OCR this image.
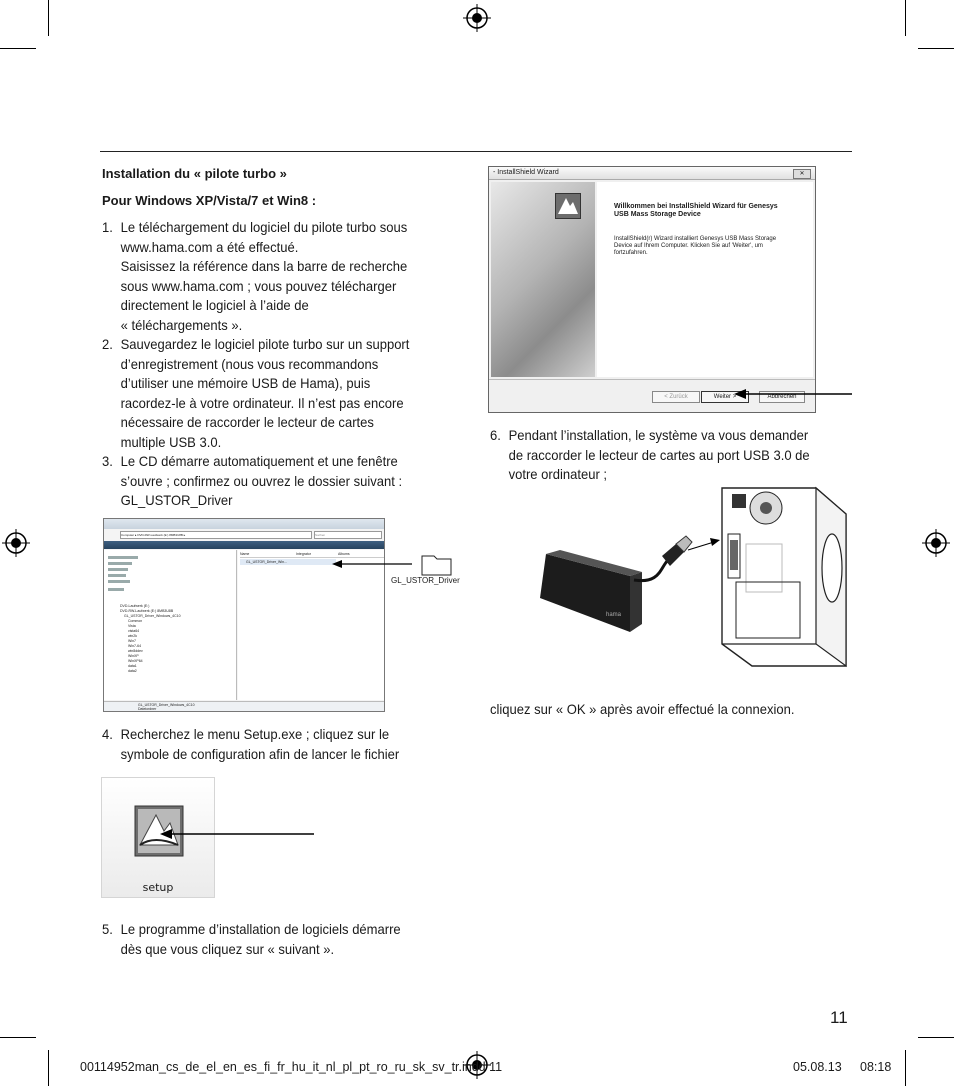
Installation du « pilote turbo »
Pour Windows XP/Vista/7 et Win8 :
1. Le téléchargement du logiciel du pilote turbo sous
www.hama.com a été effectué.
Saisissez la référence dans la barre de recherche
sous www.hama.com ; vous pouvez télécharger
directement le logiciel à l’aide de
« téléchargements ».
2. Sauvegardez le logiciel pilote turbo sur un support
d’enregistrement (nous vous recommandons
d’utiliser une mémoire USB de Hama), puis
racordez-le à votre ordinateur. Il n’est pas encore
nécessaire de raccorder le lecteur de cartes
multiple USB 3.0.
3. Le CD démarre automatiquement et une fenêtre
s’ouvre ; confirmez ou ouvrez le dossier suivant :
GL_USTOR_Driver
Computer ▸ DVD-RW-Laufwerk (E:) 8MB3U8B ▸	Suchen
DVD-Laufwerk (E:)
DVD-RW-Laufwerk (E:) 8MB3U8B
GL_USTOR_Driver_Windows_4C10
Common
Vista
vista64
win2k
Win7
Win7-64
win8ddev
WinXP
WinXP64
data1
data2
Name	Integrator	Albums
GL_USTOR_Driver_Win...
GL_USTOR_Driver_Windows_4C10
Dateiordner
GL_USTOR_Driver
4. Recherchez le menu Setup.exe ; cliquez sur le
symbole de configuration afin de lancer le fichier
setup
5. Le programme d’installation de logiciels démarre
dès que vous cliquez sur « suivant ».
- InstallShield Wizard	✕
Willkommen bei InstallShield Wizard für Genesys USB Mass Storage Device
InstallShield(r) Wizard installiert Genesys USB Mass Storage Device auf Ihrem Computer. Klicken Sie auf 'Weiter', um fortzufahren.
< Zurück	Weiter >	Abbrechen
6. Pendant l’installation, le système va vous demander
de raccorder le lecteur de cartes au port USB 3.0 de
votre ordinateur ;
hama
cliquez sur « OK » après avoir effectué la connexion.
11
00114952man_cs_de_el_en_es_fi_fr_hu_it_nl_pl_pt_ro_ru_sk_sv_tr.indd 11	05.08.13 08:18
